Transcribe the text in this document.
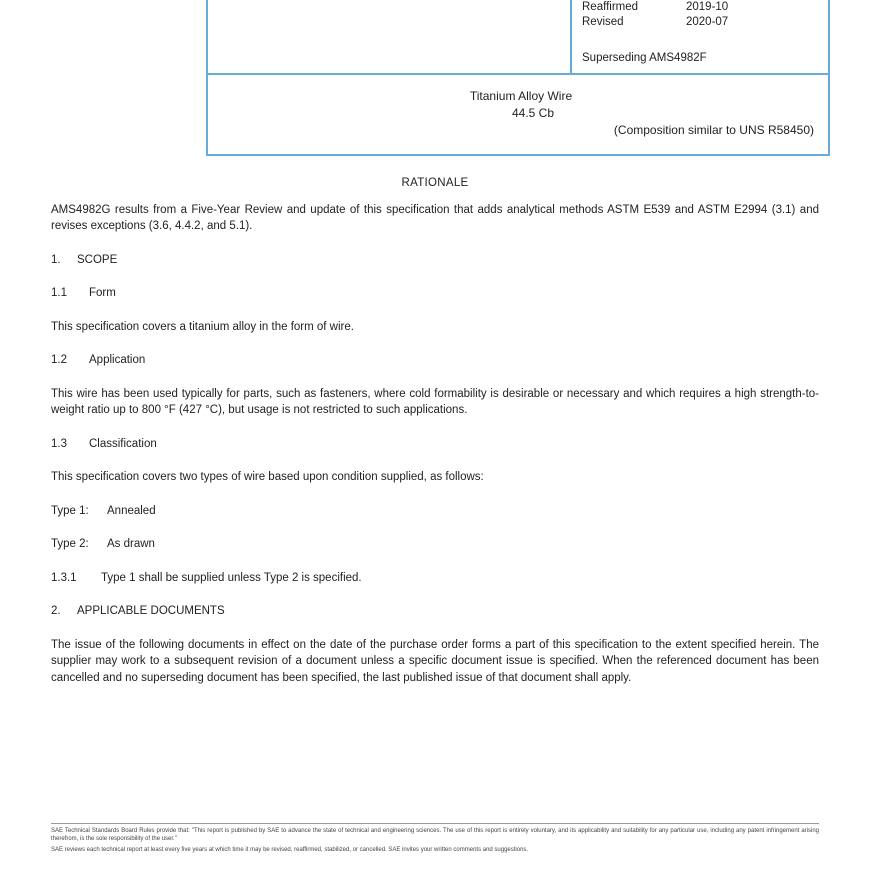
Reaffirmed	2019-10
Revised	2020-07
Superseding AMS4982F
Titanium Alloy Wire
44.5 Cb
(Composition similar to UNS R58450)
RATIONALE

AMS4982G results from a Five-Year Review and update of this specification that adds analytical methods ASTM E539 and ASTM E2994 (3.1) and revises exceptions (3.6, 4.4.2, and 5.1).

1. SCOPE
1.1 Form

This specification covers a titanium alloy in the form of wire.

1.2 Application

This wire has been used typically for parts, such as fasteners, where cold formability is desirable or necessary and which requires a high strength-to-weight ratio up to 800 °F (427 °C), but usage is not restricted to such applications.

1.3 Classification

This specification covers two types of wire based upon condition supplied, as follows:

Type 1: Annealed
Type 2: As drawn
1.3.1 Type 1 shall be supplied unless Type 2 is specified.
2. APPLICABLE DOCUMENTS

The issue of the following documents in effect on the date of the purchase order forms a part of this specification to the extent specified herein. The supplier may work to a subsequent revision of a document unless a specific document issue is specified. When the referenced document has been cancelled and no superseding document has been specified, the last published issue of that document shall apply.

SAE Technical Standards Board Rules provide that: "This report is published by SAE to advance the state of technical and engineering sciences. The use of this report is entirely voluntary, and its applicability and suitability for any particular use, including any patent infringement arising therefrom, is the sole responsibility of the user."
SAE reviews each technical report at least every five years at which time it may be revised, reaffirmed, stabilized, or cancelled. SAE invites your written comments and suggestions.
